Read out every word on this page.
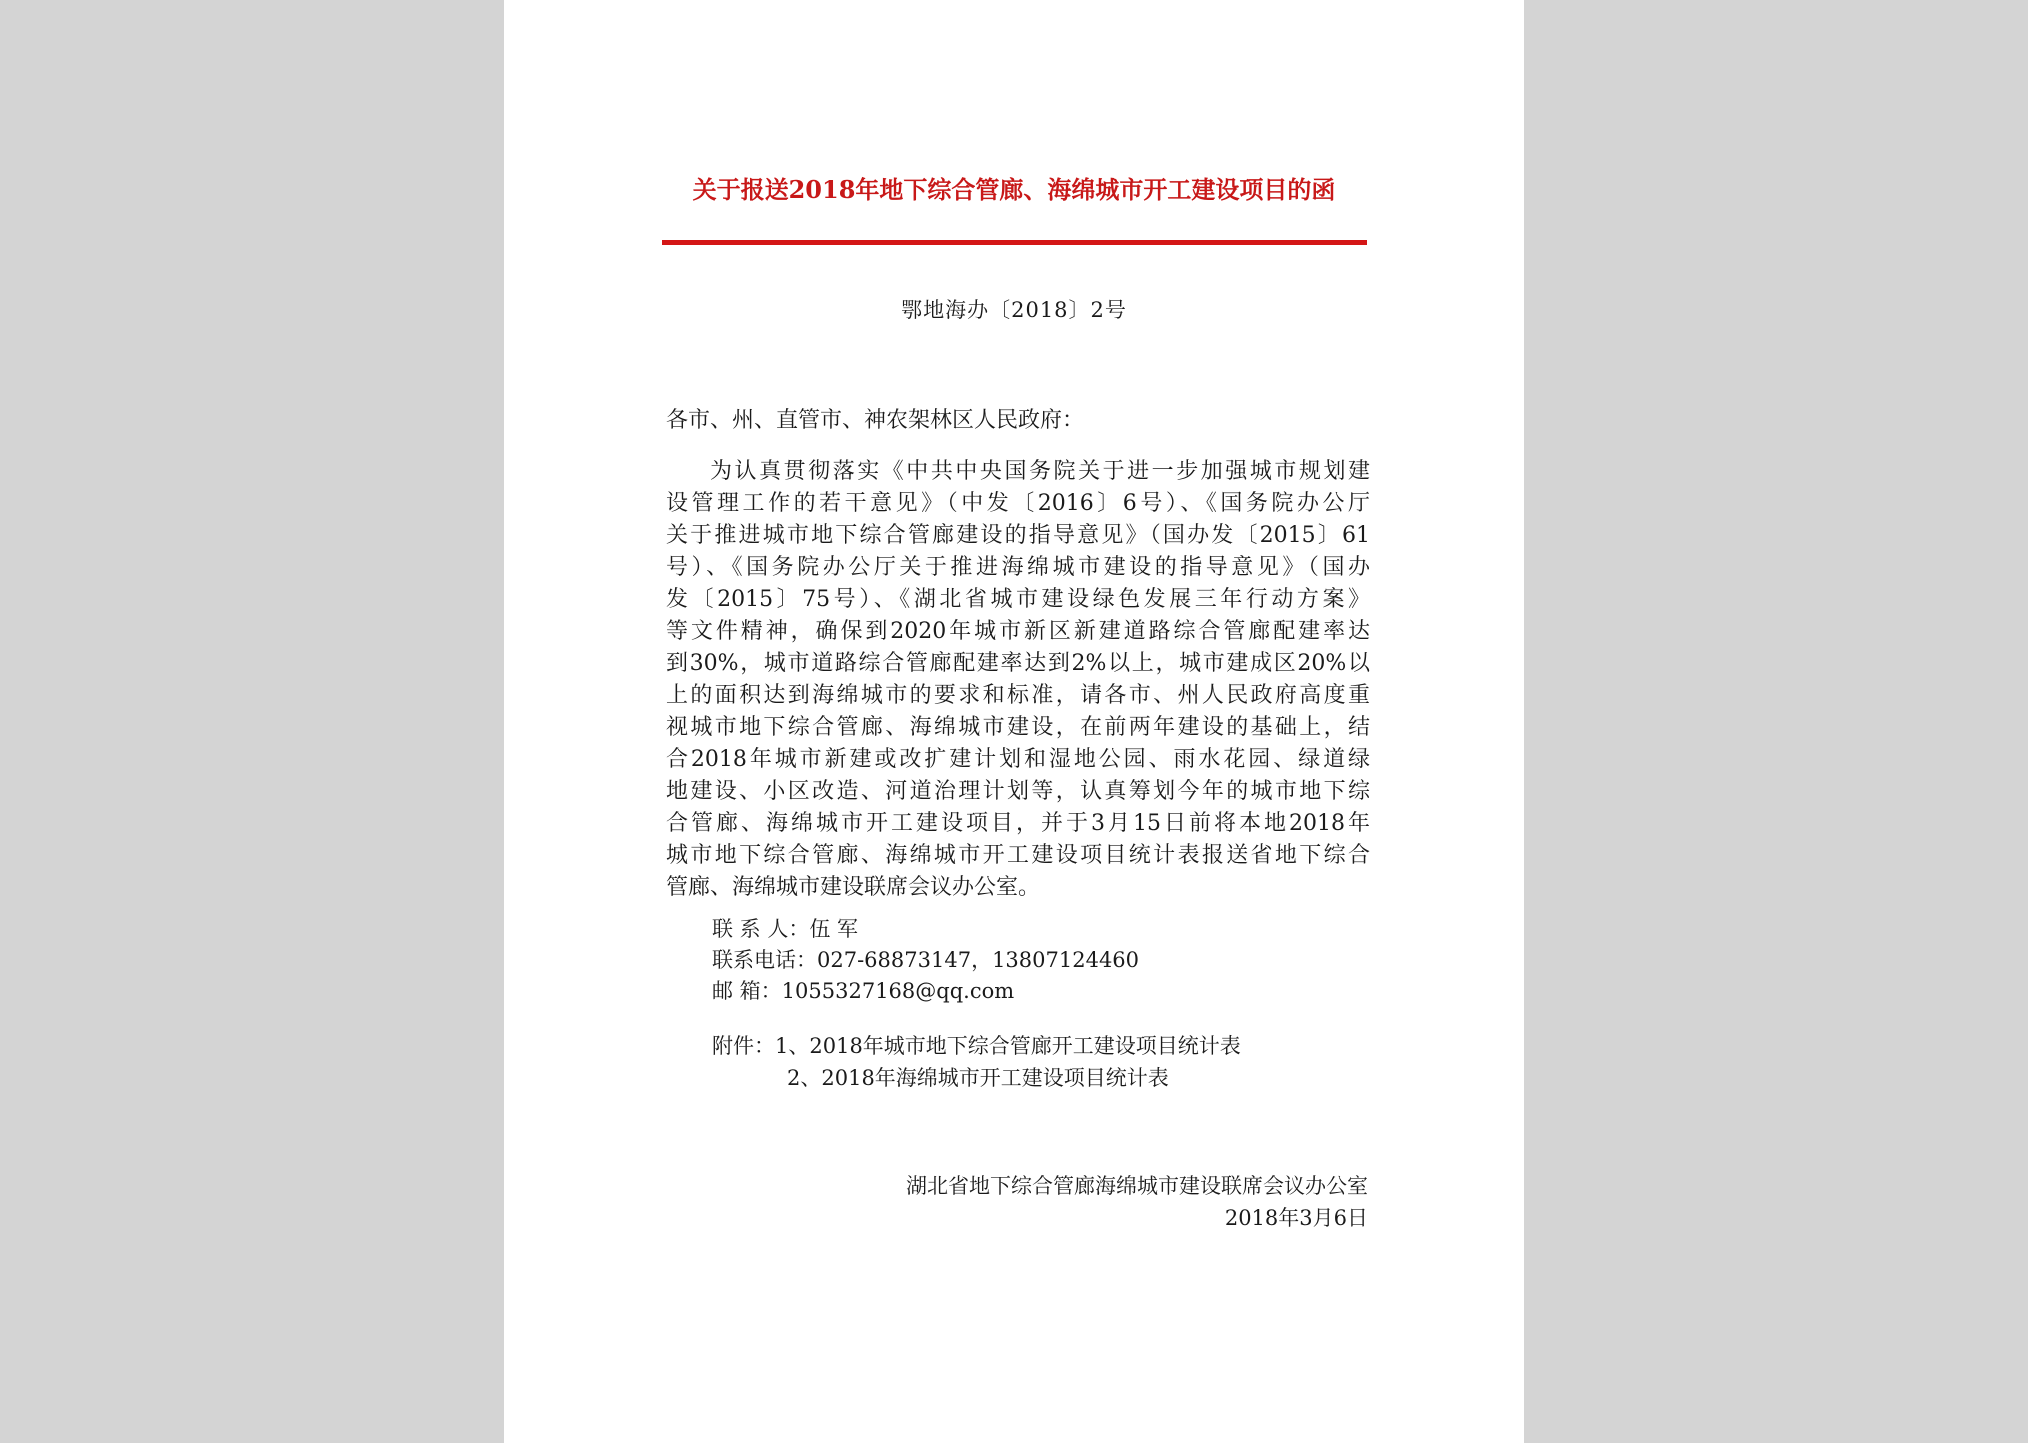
关于报送2018年地下综合管廊、海绵城市开工建设项目的函
鄂地海办〔2018〕2号
各市、州、直管市、神农架林区人民政府：
为认真贯彻落实《中共中央国务院关于进一步加强城市规划建
设管理工作的若干意见》（中发〔2016〕6号）、《国务院办公厅
关于推进城市地下综合管廊建设的指导意见》（国办发〔2015〕61
号）、《国务院办公厅关于推进海绵城市建设的指导意见》（国办
发〔2015〕75号）、《湖北省城市建设绿色发展三年行动方案》
等文件精神，确保到2020年城市新区新建道路综合管廊配建率达
到30%，城市道路综合管廊配建率达到2%以上，城市建成区20%以
上的面积达到海绵城市的要求和标准，请各市、州人民政府高度重
视城市地下综合管廊、海绵城市建设，在前两年建设的基础上，结
合2018年城市新建或改扩建计划和湿地公园、雨水花园、绿道绿
地建设、小区改造、河道治理计划等，认真筹划今年的城市地下综
合管廊、海绵城市开工建设项目，并于3月15日前将本地2018年
城市地下综合管廊、海绵城市开工建设项目统计表报送省地下综合
管廊、海绵城市建设联席会议办公室。
联 系 人：伍 军
联系电话：027-68873147，13807124460
邮 箱：1055327168@qq.com
附件：1、2018年城市地下综合管廊开工建设项目统计表
2、2018年海绵城市开工建设项目统计表
湖北省地下综合管廊海绵城市建设联席会议办公室
2018年3月6日
